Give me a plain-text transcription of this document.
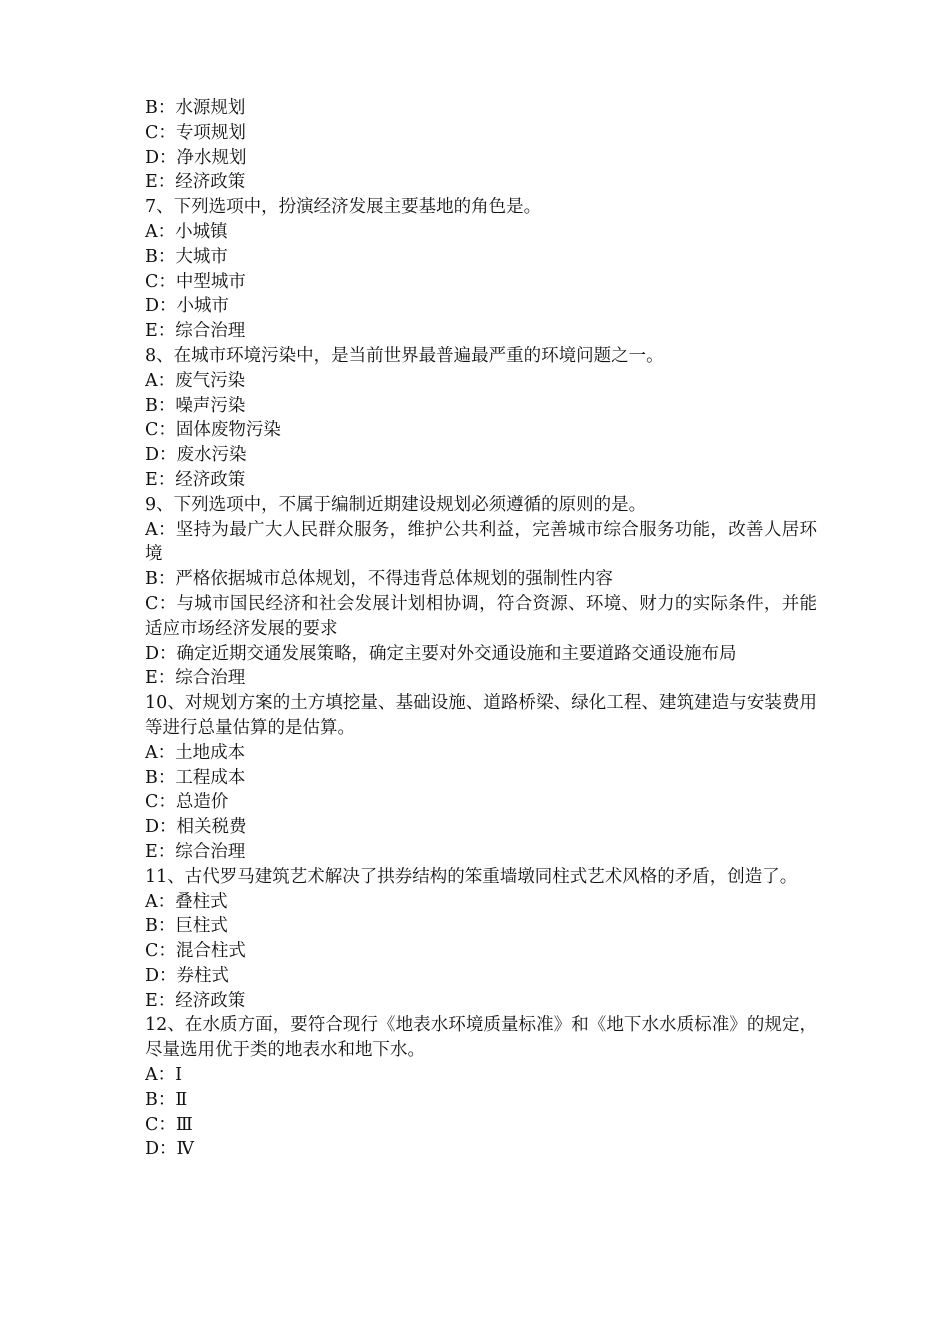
B：水源规划
C：专项规划
D：净水规划
E：经济政策
7、下列选项中，扮演经济发展主要基地的角色是。
A：小城镇
B：大城市
C：中型城市
D：小城市
E：综合治理
8、在城市环境污染中，是当前世界最普遍最严重的环境问题之一。
A：废气污染
B：噪声污染
C：固体废物污染
D：废水污染
E：经济政策
9、下列选项中，不属于编制近期建设规划必须遵循的原则的是。
A：坚持为最广大人民群众服务，维护公共利益，完善城市综合服务功能，改善人居环境
B：严格依据城市总体规划，不得违背总体规划的强制性内容
C：与城市国民经济和社会发展计划相协调，符合资源、环境、财力的实际条件，并能适应市场经济发展的要求
D：确定近期交通发展策略，确定主要对外交通设施和主要道路交通设施布局
E：综合治理
10、对规划方案的土方填挖量、基础设施、道路桥梁、绿化工程、建筑建造与安装费用等进行总量估算的是估算。
A：土地成本
B：工程成本
C：总造价
D：相关税费
E：综合治理
11、古代罗马建筑艺术解决了拱券结构的笨重墙墩同柱式艺术风格的矛盾，创造了。
A：叠柱式
B：巨柱式
C：混合柱式
D：券柱式
E：经济政策
12、在水质方面，要符合现行《地表水环境质量标准》和《地下水水质标准》的规定，尽量选用优于类的地表水和地下水。
A：Ⅰ
B：Ⅱ
C：Ⅲ
D：Ⅳ
